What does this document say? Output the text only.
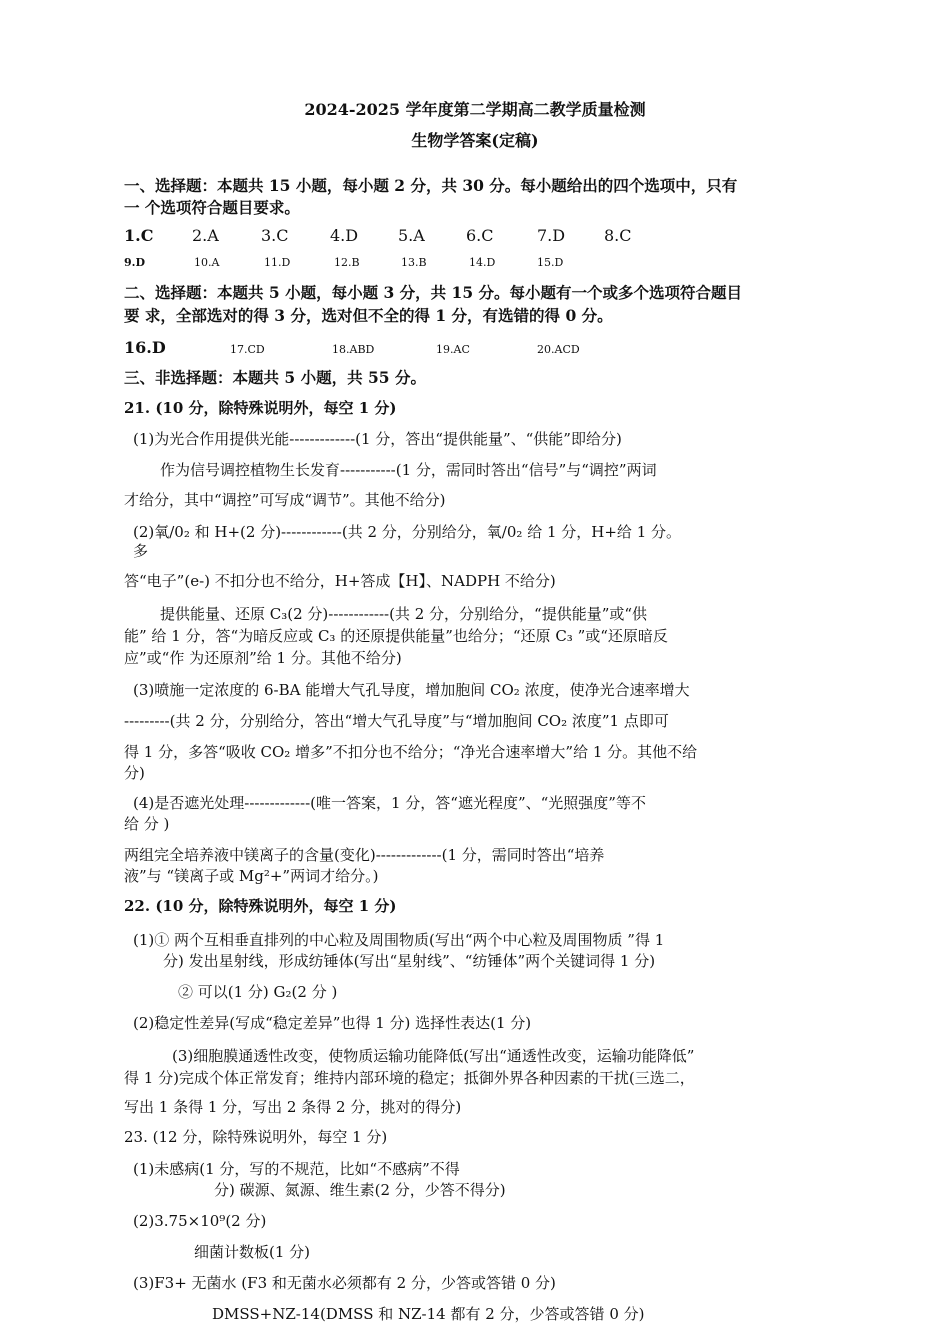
2024-2025 学年度第二学期高二教学质量检测
生物学答案(定稿)
一、选择题：本题共 15 小题，每小题 2 分，共 30 分。每小题给出的四个选项中，只有
一 个选项符合题目要求。
1.C 2.A	3.C	4.D 5.A	6.C	7.D 8.C
9.D	10.A	11.D	12.B	13.B	14.D	15.D
二、选择题：本题共 5 小题，每小题 3 分，共 15 分。每小题有一个或多个选项符合题目
要 求，全部选对的得 3 分，选对但不全的得 1 分，有选错的得 0 分。
16.D	17.CD	18.ABD	19.AC	20.ACD
三、非选择题：本题共 5 小题，共 55 分。
21. (10 分，除特殊说明外，每空 1 分)
(1)为光合作用提供光能-------------(1 分，答出“提供能量”、“供能”即给分)
作为信号调控植物生长发育-----------(1 分，需同时答出“信号”与“调控”两词
才给分，其中“调控”可写成“调节”。其他不给分)
(2)氧/0₂ 和 H+(2 分)------------(共 2 分，分别给分，氧/0₂ 给 1 分，H+给 1 分。
多
答“电子”(e-) 不扣分也不给分，H+答成【H】、NADPH 不给分)
提供能量、还原 C₃(2 分)------------(共 2 分，分别给分，“提供能量”或“供
能” 给 1 分，答“为暗反应或 C₃ 的还原提供能量”也给分；“还原 C₃ ”或“还原暗反
应”或“作 为还原剂”给 1 分。其他不给分)
(3)喷施一定浓度的 6-BA 能增大气孔导度，增加胞间 CO₂ 浓度，使净光合速率增大
---------(共 2 分，分别给分，答出“增大气孔导度”与“增加胞间 CO₂ 浓度”1 点即可
得 1 分，多答“吸收 CO₂ 增多”不扣分也不给分；“净光合速率增大”给 1 分。其他不给
分)
(4)是否遮光处理-------------(唯一答案，1 分，答“遮光程度”、“光照强度”等不
给 分 )
两组完全培养液中镁离子的含量(变化)-------------(1 分，需同时答出“培养
液”与 “镁离子或 Mg²+”两词才给分。)
22. (10 分，除特殊说明外，每空 1 分)
(1)① 两个互相垂直排列的中心粒及周围物质(写出“两个中心粒及周围物质 ”得 1
分) 发出星射线，形成纺锤体(写出“星射线”、“纺锤体”两个关键词得 1 分)
② 可以(1 分) G₂(2 分 )
(2)稳定性差异(写成“稳定差异”也得 1 分) 选择性表达(1 分)
(3)细胞膜通透性改变，使物质运输功能降低(写出“通透性改变，运输功能降低”
得 1 分)完成个体正常发育；维持内部环境的稳定；抵御外界各种因素的干扰(三选二，
写出 1 条得 1 分，写出 2 条得 2 分，挑对的得分)
23. (12 分，除特殊说明外，每空 1 分)
(1)未感病(1 分，写的不规范，比如“不感病”不得
分) 碳源、氮源、维生素(2 分，少答不得分)
(2)3.75×10⁹(2 分)
细菌计数板(1 分)
(3)F3+ 无菌水 (F3 和无菌水必须都有 2 分，少答或答错 0 分)
DMSS+NZ-14(DMSS 和 NZ-14 都有 2 分，少答或答错 0 分)
